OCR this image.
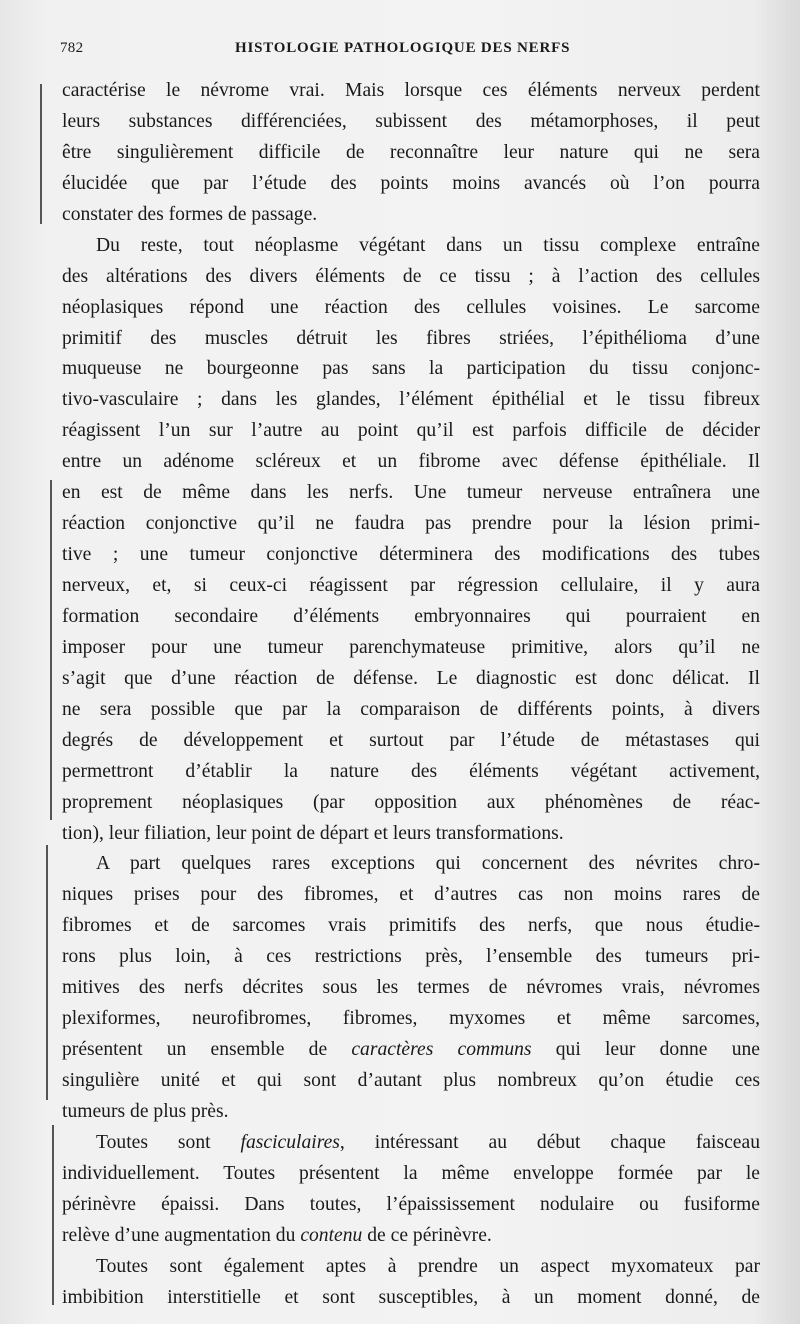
782	HISTOLOGIE PATHOLOGIQUE DES NERFS
caractérise le névrome vrai. Mais lorsque ces éléments nerveux perdent
leurs substances différenciées, subissent des métamorphoses, il peut
être singulièrement difficile de reconnaître leur nature qui ne sera
élucidée que par l’étude des points moins avancés où l’on pourra
constater des formes de passage.
Du reste, tout néoplasme végétant dans un tissu complexe entraîne
des altérations des divers éléments de ce tissu ; à l’action des cellules
néoplasiques répond une réaction des cellules voisines. Le sarcome
primitif des muscles détruit les fibres striées, l’épithélioma d’une
muqueuse ne bourgeonne pas sans la participation du tissu conjonc-
tivo-vasculaire ; dans les glandes, l’élément épithélial et le tissu fibreux
réagissent l’un sur l’autre au point qu’il est parfois difficile de décider
entre un adénome scléreux et un fibrome avec défense épithéliale. Il
en est de même dans les nerfs. Une tumeur nerveuse entraînera une
réaction conjonctive qu’il ne faudra pas prendre pour la lésion primi-
tive ; une tumeur conjonctive déterminera des modifications des tubes
nerveux, et, si ceux-ci réagissent par régression cellulaire, il y aura
formation secondaire d’éléments embryonnaires qui pourraient en
imposer pour une tumeur parenchymateuse primitive, alors qu’il ne
s’agit que d’une réaction de défense. Le diagnostic est donc délicat. Il
ne sera possible que par la comparaison de différents points, à divers
degrés de développement et surtout par l’étude de métastases qui
permettront d’établir la nature des éléments végétant activement,
proprement néoplasiques (par opposition aux phénomènes de réac-
tion), leur filiation, leur point de départ et leurs transformations.
A part quelques rares exceptions qui concernent des névrites chro-
niques prises pour des fibromes, et d’autres cas non moins rares de
fibromes et de sarcomes vrais primitifs des nerfs, que nous étudie-
rons plus loin, à ces restrictions près, l’ensemble des tumeurs pri-
mitives des nerfs décrites sous les termes de névromes vrais, névromes
plexiformes, neurofibromes, fibromes, myxomes et même sarcomes,
présentent un ensemble de caractères communs qui leur donne une
singulière unité et qui sont d’autant plus nombreux qu’on étudie ces
tumeurs de plus près.
Toutes sont fasciculaires, intéressant au début chaque faisceau
individuellement. Toutes présentent la même enveloppe formée par le
périnèvre épaissi. Dans toutes, l’épaississement nodulaire ou fusiforme
relève d’une augmentation du contenu de ce périnèvre.
Toutes sont également aptes à prendre un aspect myxomateux par
imbibition interstitielle et sont susceptibles, à un moment donné, de
